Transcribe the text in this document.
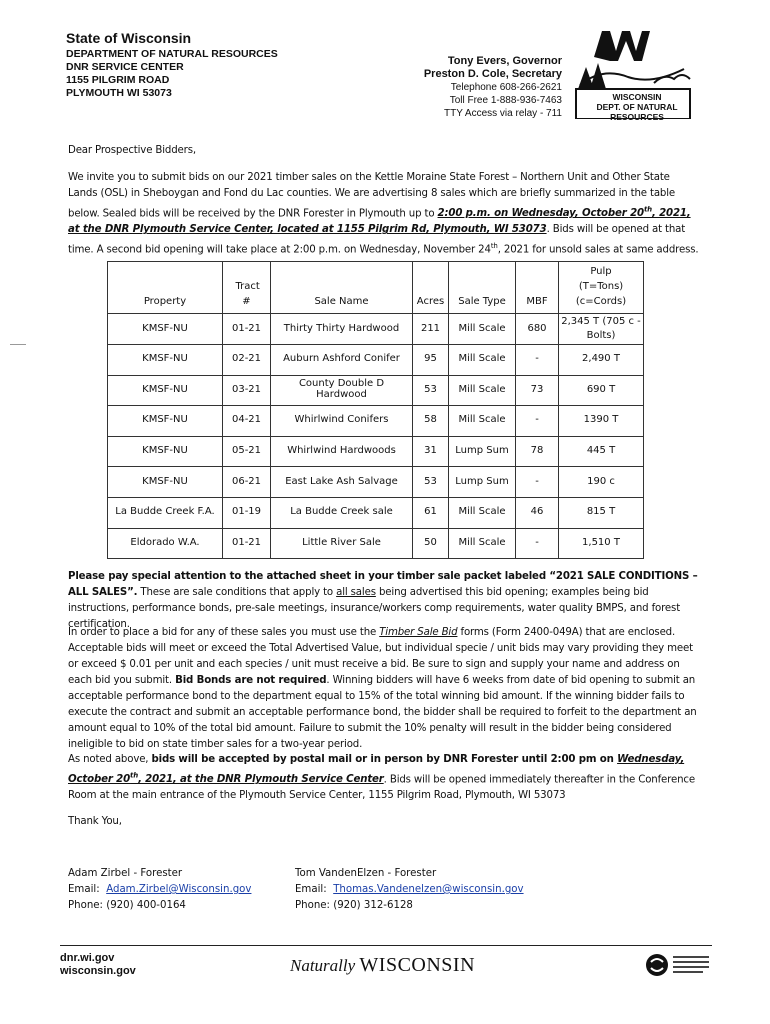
State of Wisconsin
DEPARTMENT OF NATURAL RESOURCES
DNR SERVICE CENTER
1155 PILGRIM ROAD
PLYMOUTH WI 53073
Tony Evers, Governor
Preston D. Cole, Secretary
Telephone 608-266-2621
Toll Free 1-888-936-7463
TTY Access via relay - 711
WISCONSIN
DEPT. OF NATURAL RESOURCES
Dear Prospective Bidders,
We invite you to submit bids on our 2021 timber sales on the Kettle Moraine State Forest – Northern Unit and Other State Lands (OSL) in Sheboygan and Fond du Lac counties. We are advertising 8 sales which are briefly summarized in the table below. Sealed bids will be received by the DNR Forester in Plymouth up to 2:00 p.m. on Wednesday, October 20th, 2021, at the DNR Plymouth Service Center, located at 1155 Pilgrim Rd, Plymouth, WI 53073. Bids will be opened at that time. A second bid opening will take place at 2:00 p.m. on Wednesday, November 24th, 2021 for unsold sales at same address.
Property	Tract #	Sale Name	Acres	Sale Type	MBF	Pulp (T=Tons) (c=Cords)

KMSF-NU	01-21	Thirty Thirty Hardwood	211	Mill Scale	680	2,345 T (705 c - Bolts)
KMSF-NU	02-21	Auburn Ashford Conifer	95	Mill Scale	-	2,490 T
KMSF-NU	03-21	County Double D Hardwood	53	Mill Scale	73	690 T
KMSF-NU	04-21	Whirlwind Conifers	58	Mill Scale	-	1390 T
KMSF-NU	05-21	Whirlwind Hardwoods	31	Lump Sum	78	445 T
KMSF-NU	06-21	East Lake Ash Salvage	53	Lump Sum	-	190 c
La Budde Creek F.A.	01-19	La Budde Creek sale	61	Mill Scale	46	815 T
Eldorado W.A.	01-21	Little River Sale	50	Mill Scale	-	1,510 T
Please pay special attention to the attached sheet in your timber sale packet labeled “2021 SALE CONDITIONS – ALL SALES”. These are sale conditions that apply to all sales being advertised this bid opening; examples being bid instructions, performance bonds, pre-sale meetings, insurance/workers comp requirements, water quality BMPS, and forest certification.
In order to place a bid for any of these sales you must use the Timber Sale Bid forms (Form 2400-049A) that are enclosed. Acceptable bids will meet or exceed the Total Advertised Value, but individual specie / unit bids may vary providing they meet or exceed $ 0.01 per unit and each species / unit must receive a bid. Be sure to sign and supply your name and address on each bid you submit. Bid Bonds are not required. Winning bidders will have 6 weeks from date of bid opening to submit an acceptable performance bond to the department equal to 15% of the total winning bid amount. If the winning bidder fails to execute the contract and submit an acceptable performance bond, the bidder shall be required to forfeit to the department an amount equal to 10% of the total bid amount. Failure to submit the 10% penalty will result in the bidder being considered ineligible to bid on state timber sales for a two-year period.
As noted above, bids will be accepted by postal mail or in person by DNR Forester until 2:00 pm on Wednesday, October 20th, 2021, at the DNR Plymouth Service Center. Bids will be opened immediately thereafter in the Conference Room at the main entrance of the Plymouth Service Center, 1155 Pilgrim Road, Plymouth, WI 53073
Thank You,
Adam Zirbel - Forester
Email:  Adam.Zirbel@Wisconsin.gov
Phone: (920) 400-0164
Tom VandenElzen - Forester
Email:  Thomas.Vandenelzen@wisconsin.gov
Phone: (920) 312-6128
dnr.wi.gov
wisconsin.gov	Naturally WISCONSIN
